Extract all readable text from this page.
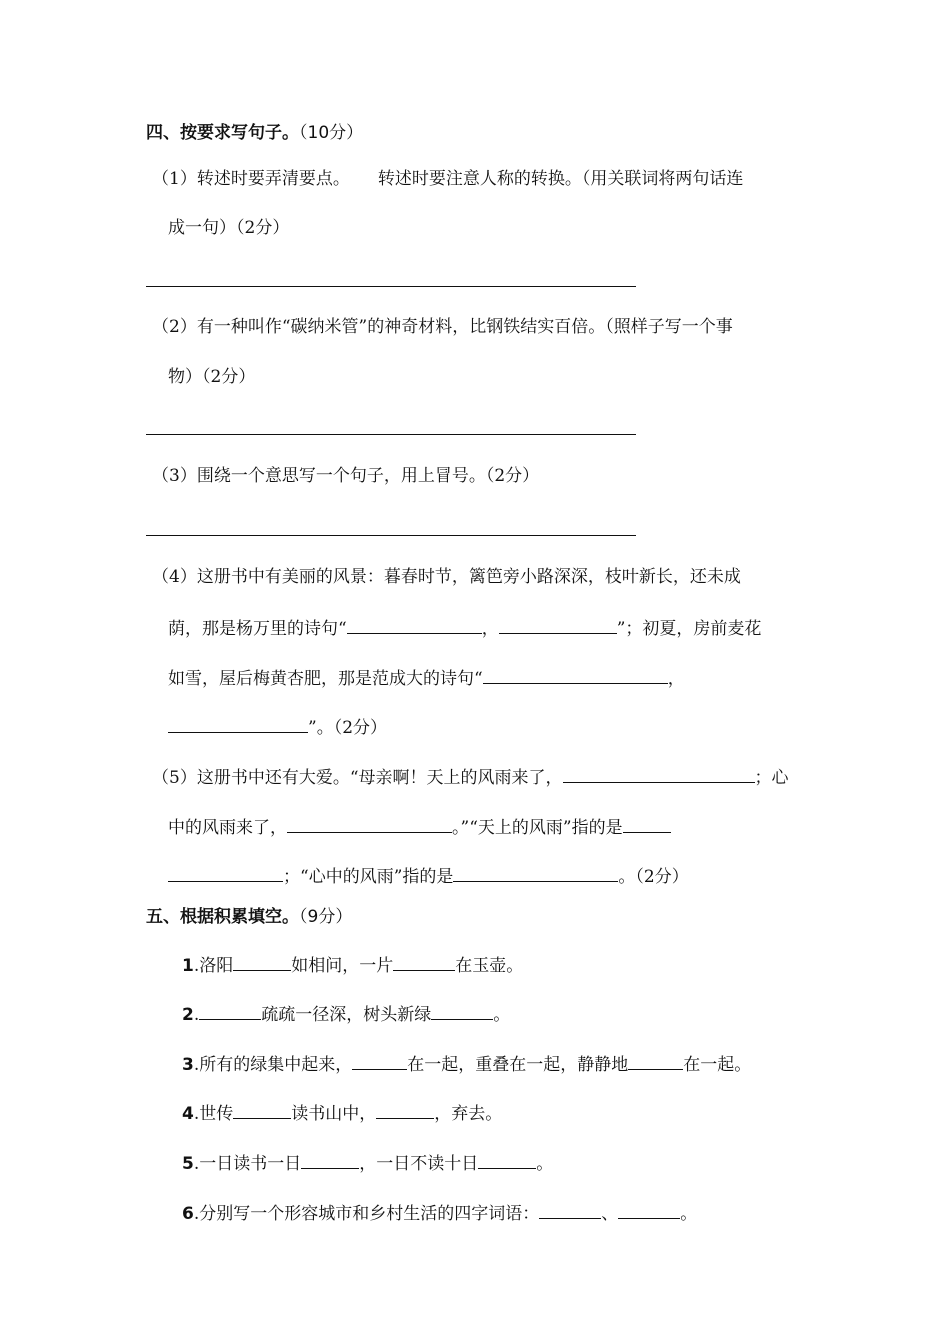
四、按要求写句子。（10分）
（1）转述时要弄清要点。 转述时要注意人称的转换。（用关联词将两句话连
成一句）（2分）
（2）有一种叫作“碳纳米管”的神奇材料，比钢铁结实百倍。（照样子写一个事
物）（2分）
（3）围绕一个意思写一个句子，用上冒号。（2分）
（4）这册书中有美丽的风景：暮春时节，篱笆旁小路深深，枝叶新长，还未成
荫，那是杨万里的诗句“	，	”；初夏，房前麦花
如雪，屋后梅黄杏肥，那是范成大的诗句“	，
”。（2分）
（5）这册书中还有大爱。“母亲啊！天上的风雨来了，	；心
中的风雨来了，	。”“天上的风雨”指的是
；“心中的风雨”指的是	。（2分）
五、根据积累填空。（9分）
1.洛阳	如相问，一片	在玉壶。
2.	疏疏一径深，树头新绿	。
3.所有的绿集中起来，	在一起，重叠在一起，静静地	在一起。
4.世传	读书山中，	，弃去。
5.一日读书一日	，一日不读十日	。
6.分别写一个形容城市和乡村生活的四字词语：	、	。
